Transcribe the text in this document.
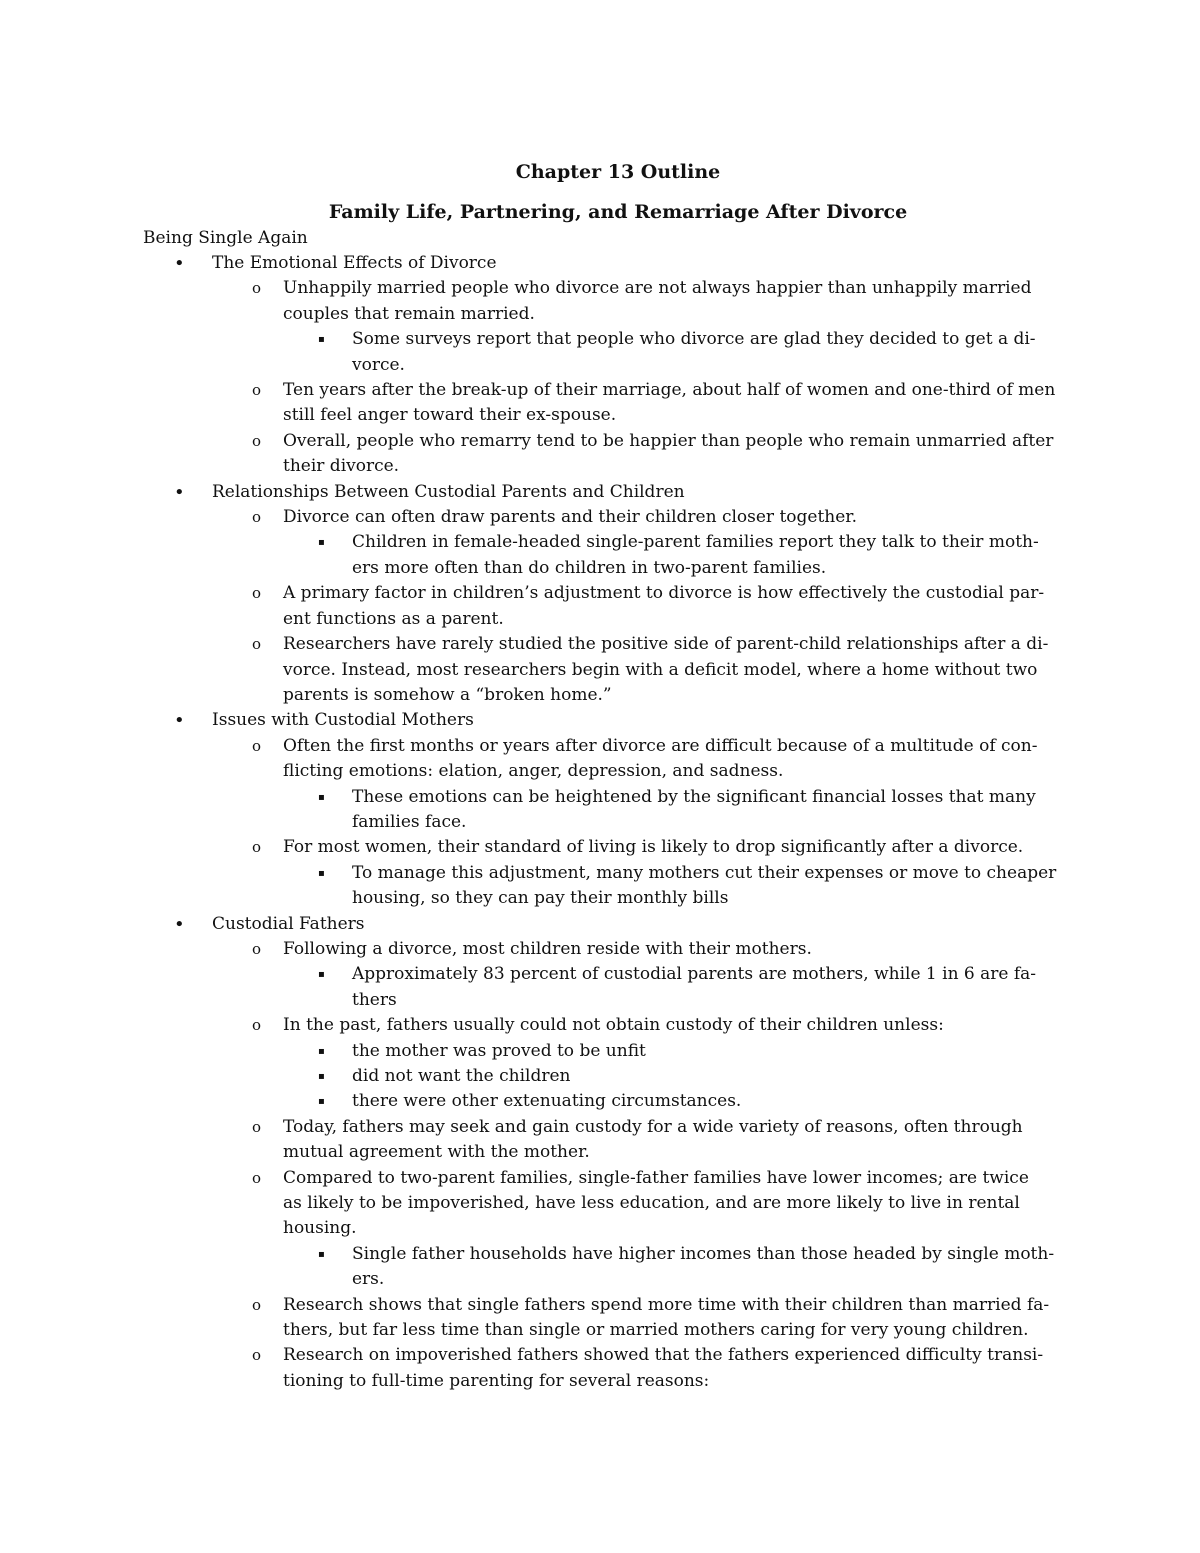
Chapter 13 Outline
Family Life, Partnering, and Remarriage After Divorce
Being Single Again
• The Emotional Effects of Divorce
o Unhappily married people who divorce are not always happier than unhappily married
couples that remain married.
▪ Some surveys report that people who divorce are glad they decided to get a di-
vorce.
o Ten years after the break-up of their marriage, about half of women and one-third of men
still feel anger toward their ex-spouse.
o Overall, people who remarry tend to be happier than people who remain unmarried after
their divorce.
• Relationships Between Custodial Parents and Children
o Divorce can often draw parents and their children closer together.
▪ Children in female-headed single-parent families report they talk to their moth-
ers more often than do children in two-parent families.
o A primary factor in children’s adjustment to divorce is how effectively the custodial par-
ent functions as a parent.
o Researchers have rarely studied the positive side of parent-child relationships after a di-
vorce. Instead, most researchers begin with a deficit model, where a home without two
parents is somehow a “broken home.”
• Issues with Custodial Mothers
o Often the first months or years after divorce are difficult because of a multitude of con-
flicting emotions: elation, anger, depression, and sadness.
▪ These emotions can be heightened by the significant financial losses that many
families face.
o For most women, their standard of living is likely to drop significantly after a divorce.
▪ To manage this adjustment, many mothers cut their expenses or move to cheaper
housing, so they can pay their monthly bills
• Custodial Fathers
o Following a divorce, most children reside with their mothers.
▪ Approximately 83 percent of custodial parents are mothers, while 1 in 6 are fa-
thers
o In the past, fathers usually could not obtain custody of their children unless:
▪ the mother was proved to be unfit
▪ did not want the children
▪ there were other extenuating circumstances.
o Today, fathers may seek and gain custody for a wide variety of reasons, often through
mutual agreement with the mother.
o Compared to two-parent families, single-father families have lower incomes; are twice
as likely to be impoverished, have less education, and are more likely to live in rental
housing.
▪ Single father households have higher incomes than those headed by single moth-
ers.
o Research shows that single fathers spend more time with their children than married fa-
thers, but far less time than single or married mothers caring for very young children.
o Research on impoverished fathers showed that the fathers experienced difficulty transi-
tioning to full-time parenting for several reasons:
